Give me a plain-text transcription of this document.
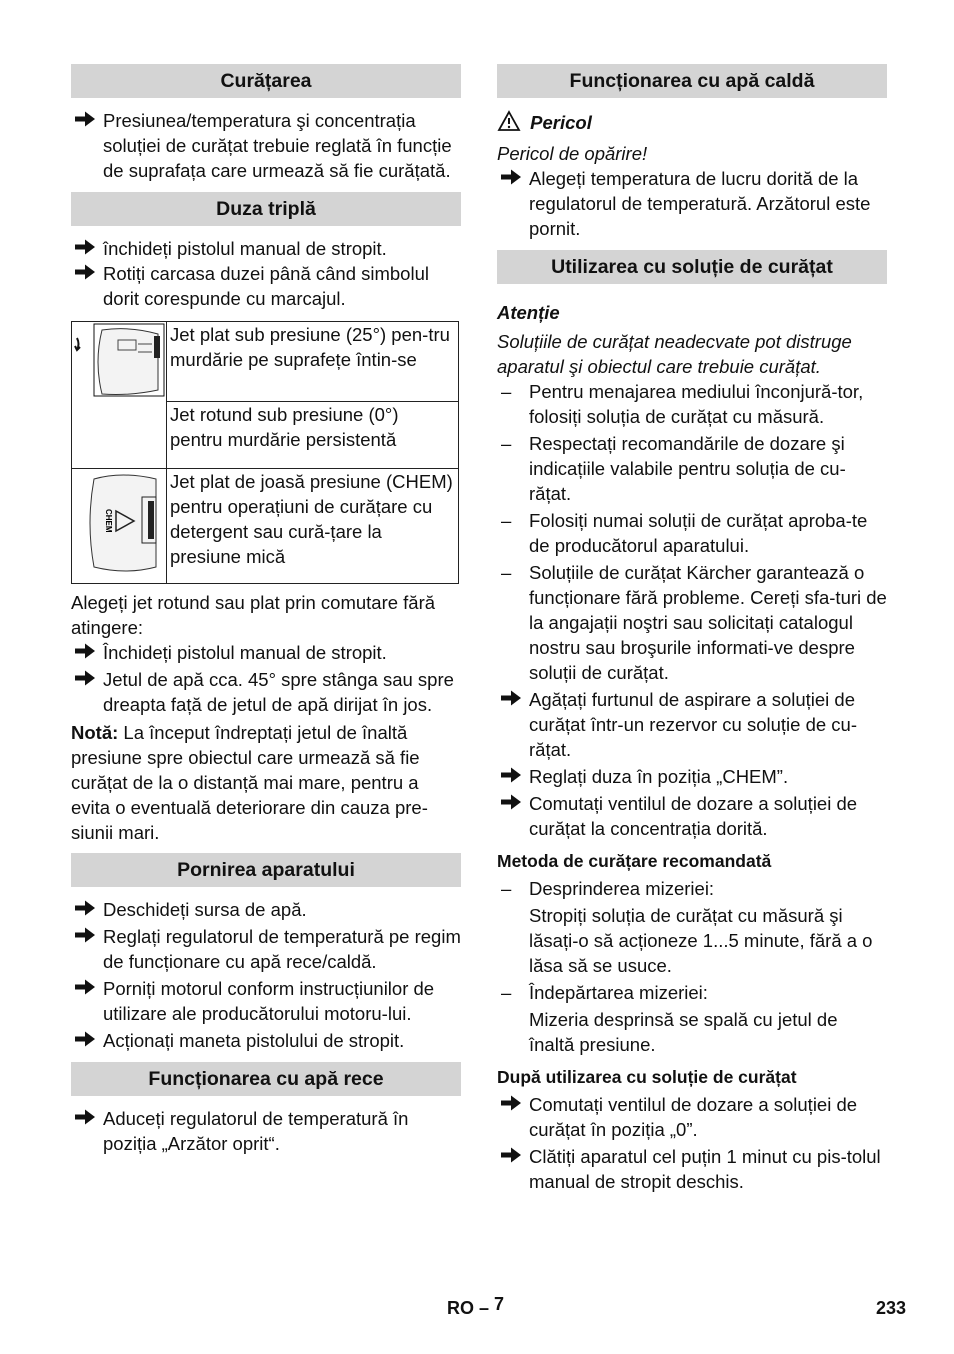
Curățarea
Presiunea/temperatura şi concentrația soluției de curățat trebuie reglată în funcție de suprafața care urmează să fie curățată.
Duza triplă
închideți pistolul manual de stropit.
Rotiți carcasa duzei până când simbolul dorit corespunde cu marcajul.
	Jet plat sub presiune (25°) pen-tru murdărie pe suprafețe întin-se
	Jet rotund sub presiune (0°) pentru murdărie persistentă

CHEM	Jet plat de joasă presiune (CHEM) pentru operațiuni de curățare cu detergent sau cură-țare la presiune mică

Alegeți jet rotund sau plat prin comutare fără atingere:

Închideți pistolul manual de stropit.
Jetul de apă cca. 45° spre stânga sau spre dreapta față de jetul de apă dirijat în jos.

Notă: La început îndreptați jetul de înaltă presiune spre obiectul care urmează să fie curățat de la o distanță mai mare, pentru a evita o eventuală deteriorare din cauza pre-siunii mari.

Pornirea aparatului
Deschideți sursa de apă.
Reglați regulatorul de temperatură pe regim de funcționare cu apă rece/caldă.
Porniți motorul conform instrucțiunilor de utilizare ale producătorului motoru-lui.
Acționați maneta pistolului de stropit.
Funcționarea cu apă rece
Aduceți regulatorul de temperatură în poziția „Arzător oprit“.
Funcționarea cu apă caldă
Pericol

Pericol de opărire!

Alegeți temperatura de lucru dorită de la regulatorul de temperatură. Arzătorul este pornit.
Utilizarea cu soluție de curățat

Atenție

Soluțiile de curățat neadecvate pot distruge aparatul şi obiectul care trebuie curățat.

– Pentru menajarea mediului înconjură-tor, folosiți soluția de curățat cu măsură.
– Respectați recomandările de dozare şi indicațiile valabile pentru soluția de cu-rățat.
– Folosiți numai soluții de curățat aproba-te de producătorul aparatului.
– Soluțiile de curățat Kärcher garantează o funcționare fără probleme. Cereți sfa-turi de la angajații noştri sau solicitați catalogul nostru sau broşurile informati-ve despre soluții de curățat.
Agățați furtunul de aspirare a soluției de curățat într-un rezervor cu soluție de cu-rățat.
Reglați duza în poziția „CHEM”.
Comutați ventilul de dozare a soluției de curățat la concentrația dorită.

Metoda de curățare recomandată

– Desprinderea mizeriei:

Stropiți soluția de curățat cu măsură şi lăsați-o să acționeze 1...5 minute, fără a o lăsa să se usuce.

– Îndepărtarea mizeriei:

Mizeria desprinsă se spală cu jetul de înaltă presiune.

După utilizarea cu soluție de curățat

Comutați ventilul de dozare a soluției de curățat în poziția „0”.
Clătiți aparatul cel puțin 1 minut cu pis-tolul manual de stropit deschis.
RO – 7	233
